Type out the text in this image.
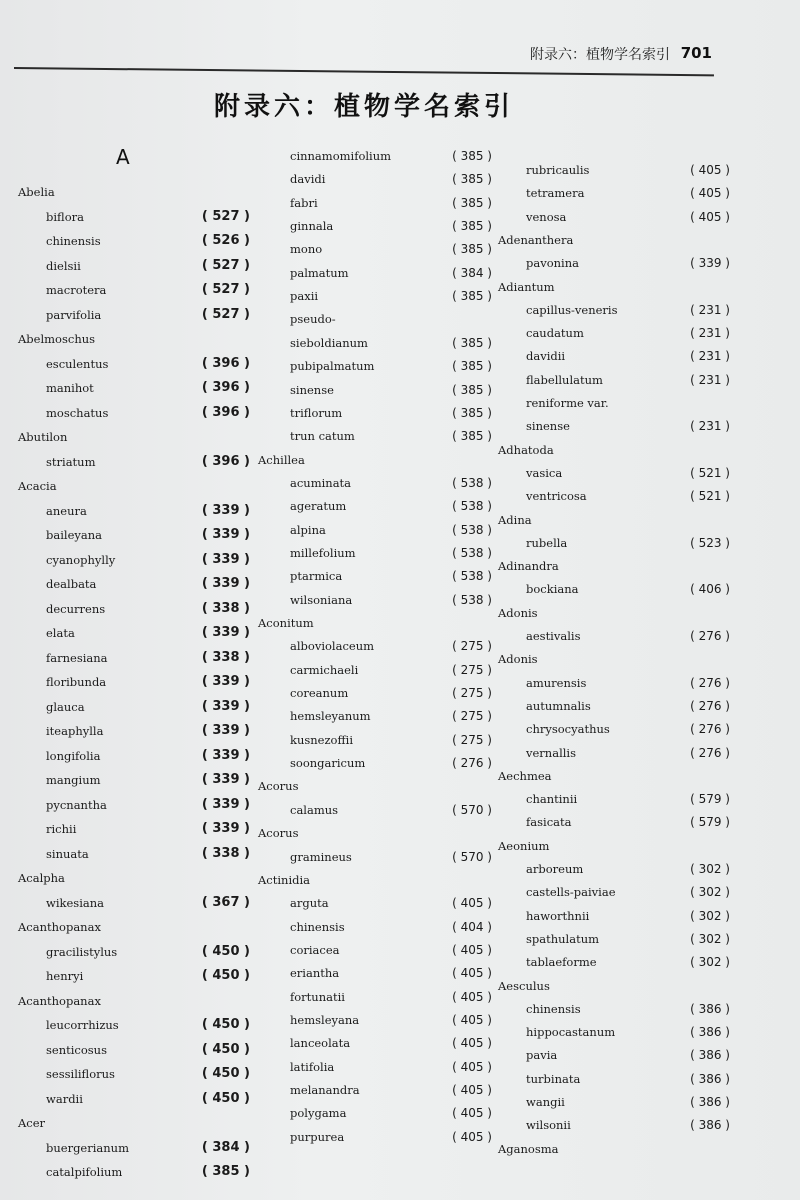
附录六：植物学名索引 701
附录六：植物学名索引
A
Abelia
biflora	( 527 )
chinensis	( 526 )
dielsii	( 527 )
macrotera	( 527 )
parvifolia	( 527 )
Abelmoschus
esculentus	( 396 )
manihot	( 396 )
moschatus	( 396 )
Abutilon
striatum	( 396 )
Acacia
aneura	( 339 )
baileyana	( 339 )
cyanophylly	( 339 )
dealbata	( 339 )
decurrens	( 338 )
elata	( 339 )
farnesiana	( 338 )
floribunda	( 339 )
glauca	( 339 )
iteaphylla	( 339 )
longifolia	( 339 )
mangium	( 339 )
pycnantha	( 339 )
richii	( 339 )
sinuata	( 338 )
Acalpha
wikesiana	( 367 )
Acanthopanax
gracilistylus	( 450 )
henryi	( 450 )
Acanthopanax
leucorrhizus	( 450 )
senticosus	( 450 )
sessiliflorus	( 450 )
wardii	( 450 )
Acer
buergerianum	( 384 )
catalpifolium	( 385 )
cinnamomifolium	( 385 )
davidi	( 385 )
fabri	( 385 )
ginnala	( 385 )
mono	( 385 )
palmatum	( 384 )
paxii	( 385 )
pseudo-
sieboldianum	( 385 )
pubipalmatum	( 385 )
sinense	( 385 )
triflorum	( 385 )
trun catum	( 385 )
Achillea
acuminata	( 538 )
ageratum	( 538 )
alpina	( 538 )
millefolium	( 538 )
ptarmica	( 538 )
wilsoniana	( 538 )
Aconitum
alboviolaceum	( 275 )
carmichaeli	( 275 )
coreanum	( 275 )
hemsleyanum	( 275 )
kusnezoffii	( 275 )
soongaricum	( 276 )
Acorus
calamus	( 570 )
Acorus
gramineus	( 570 )
Actinidia
arguta	( 405 )
chinensis	( 404 )
coriacea	( 405 )
eriantha	( 405 )
fortunatii	( 405 )
hemsleyana	( 405 )
lanceolata	( 405 )
latifolia	( 405 )
melanandra	( 405 )
polygama	( 405 )
purpurea	( 405 )
rubricaulis	( 405 )
tetramera	( 405 )
venosa	( 405 )
Adenanthera
pavonina	( 339 )
Adiantum
capillus-veneris	( 231 )
caudatum	( 231 )
davidii	( 231 )
flabellulatum	( 231 )
reniforme var.
sinense	( 231 )
Adhatoda
vasica	( 521 )
ventricosa	( 521 )
Adina
rubella	( 523 )
Adinandra
bockiana	( 406 )
Adonis
aestivalis	( 276 )
Adonis
amurensis	( 276 )
autumnalis	( 276 )
chrysocyathus	( 276 )
vernallis	( 276 )
Aechmea
chantinii	( 579 )
fasicata	( 579 )
Aeonium
arboreum	( 302 )
castells-paiviae	( 302 )
haworthnii	( 302 )
spathulatum	( 302 )
tablaeforme	( 302 )
Aesculus
chinensis	( 386 )
hippocastanum	( 386 )
pavia	( 386 )
turbinata	( 386 )
wangii	( 386 )
wilsonii	( 386 )
Aganosma
